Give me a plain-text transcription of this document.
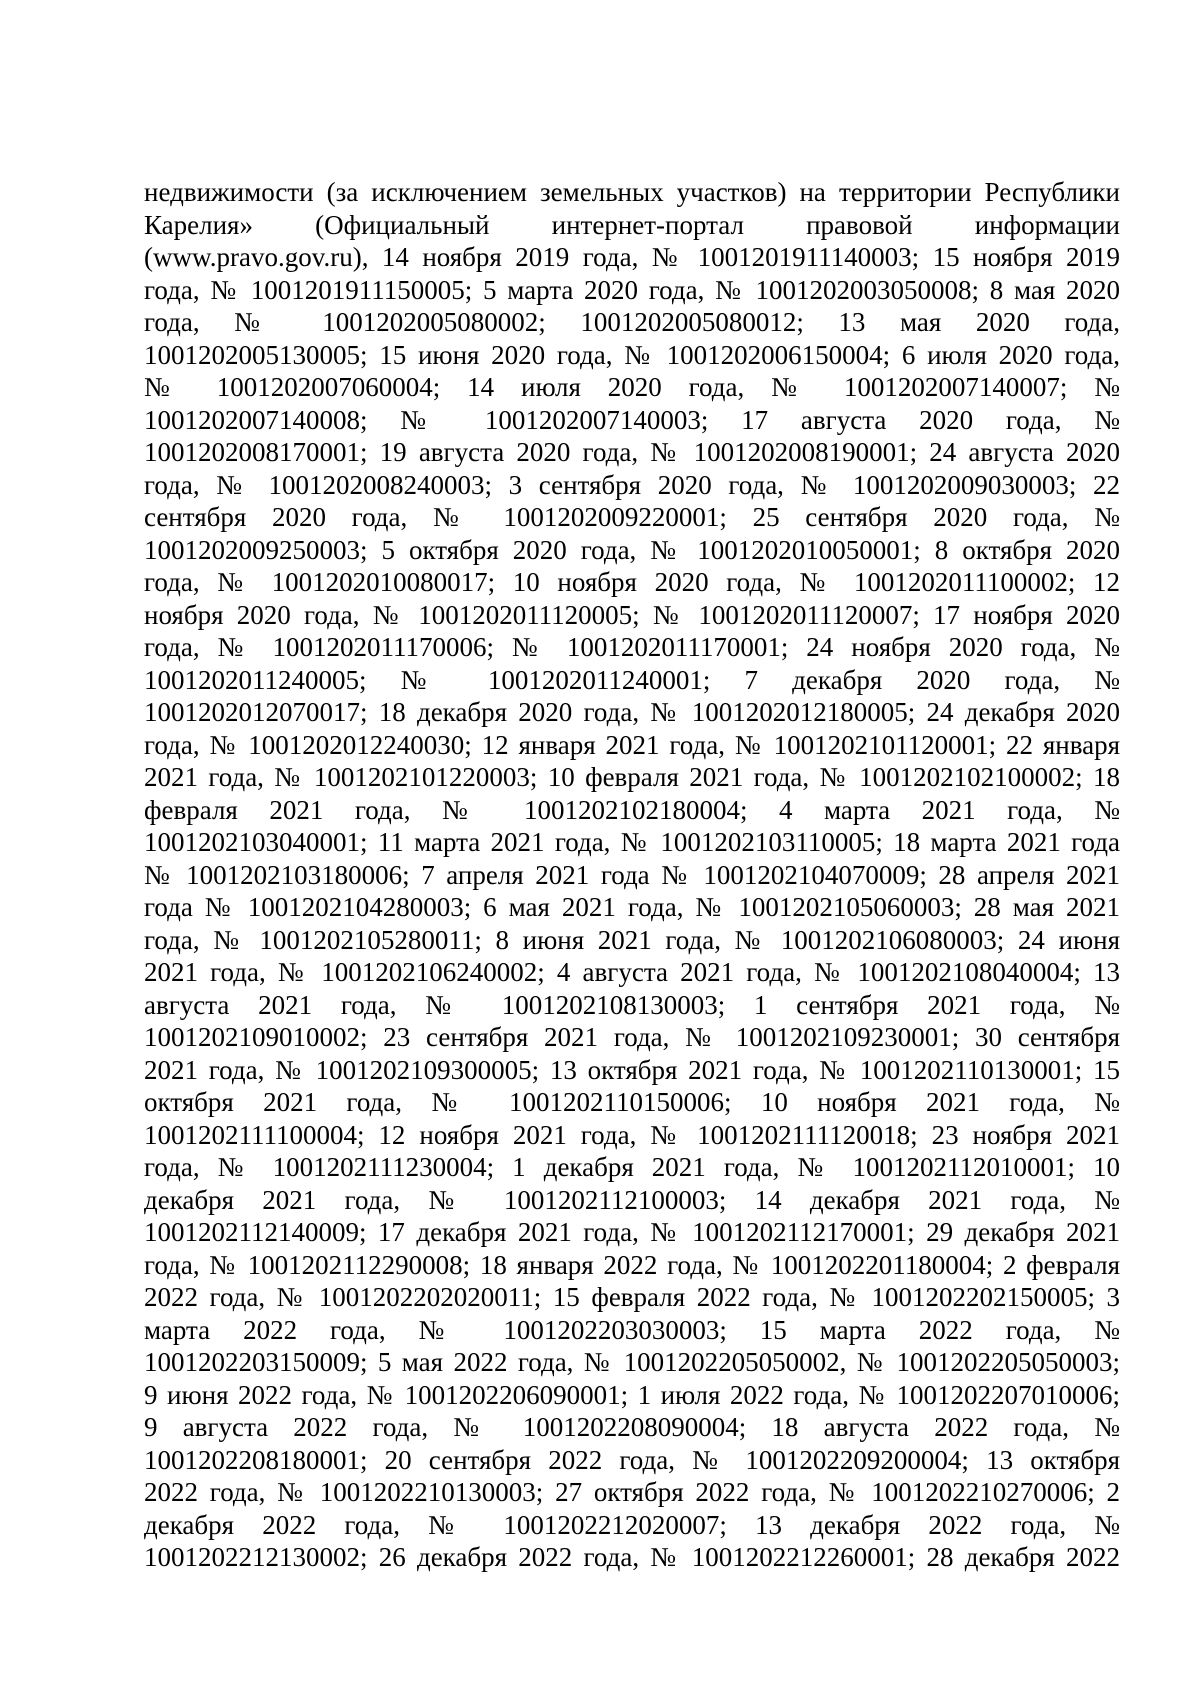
недвижимости (за исключением земельных участков) на территории Республики
Карелия» (Официальный интернет-портал правовой информации
(www.pravo.gov.ru), 14 ноября 2019 года, № 1001201911140003; 15 ноября 2019
года, № 1001201911150005; 5 марта 2020 года, № 1001202003050008; 8 мая 2020
года, № 1001202005080002; 1001202005080012; 13 мая 2020 года,
1001202005130005; 15 июня 2020 года, № 1001202006150004; 6 июля 2020 года,
№ 1001202007060004; 14 июля 2020 года, № 1001202007140007; №
1001202007140008; № 1001202007140003; 17 августа 2020 года, №
1001202008170001; 19 августа 2020 года, № 1001202008190001; 24 августа 2020
года, № 1001202008240003; 3 сентября 2020 года, № 1001202009030003; 22
сентября 2020 года, № 1001202009220001; 25 сентября 2020 года, №
1001202009250003; 5 октября 2020 года, № 1001202010050001; 8 октября 2020
года, № 1001202010080017; 10 ноября 2020 года, № 1001202011100002; 12
ноября 2020 года, № 1001202011120005; № 1001202011120007; 17 ноября 2020
года, № 1001202011170006; № 1001202011170001; 24 ноября 2020 года, №
1001202011240005; № 1001202011240001; 7 декабря 2020 года, №
1001202012070017; 18 декабря 2020 года, № 1001202012180005; 24 декабря 2020
года, № 1001202012240030; 12 января 2021 года, № 1001202101120001; 22 января
2021 года, № 1001202101220003; 10 февраля 2021 года, № 1001202102100002; 18
февраля 2021 года, № 1001202102180004; 4 марта 2021 года, №
1001202103040001; 11 марта 2021 года, № 1001202103110005; 18 марта 2021 года
№ 1001202103180006; 7 апреля 2021 года № 1001202104070009; 28 апреля 2021
года № 1001202104280003; 6 мая 2021 года, № 1001202105060003; 28 мая 2021
года, № 1001202105280011; 8 июня 2021 года, № 1001202106080003; 24 июня
2021 года, № 1001202106240002; 4 августа 2021 года, № 1001202108040004; 13
августа 2021 года, № 1001202108130003; 1 сентября 2021 года, №
1001202109010002; 23 сентября 2021 года, № 1001202109230001; 30 сентября
2021 года, № 1001202109300005; 13 октября 2021 года, № 1001202110130001; 15
октября 2021 года, № 1001202110150006; 10 ноября 2021 года, №
1001202111100004; 12 ноября 2021 года, № 1001202111120018; 23 ноября 2021
года, № 1001202111230004; 1 декабря 2021 года, № 1001202112010001; 10
декабря 2021 года, № 1001202112100003; 14 декабря 2021 года, №
1001202112140009; 17 декабря 2021 года, № 1001202112170001; 29 декабря 2021
года, № 1001202112290008; 18 января 2022 года, № 1001202201180004; 2 февраля
2022 года, № 1001202202020011; 15 февраля 2022 года, № 1001202202150005; 3
марта 2022 года, № 1001202203030003; 15 марта 2022 года, №
1001202203150009; 5 мая 2022 года, № 1001202205050002, № 1001202205050003;
9 июня 2022 года, № 1001202206090001; 1 июля 2022 года, № 1001202207010006;
9 августа 2022 года, № 1001202208090004; 18 августа 2022 года, №
1001202208180001; 20 сентября 2022 года, № 1001202209200004; 13 октября
2022 года, № 1001202210130003; 27 октября 2022 года, № 1001202210270006; 2
декабря 2022 года, № 1001202212020007; 13 декабря 2022 года, №
1001202212130002; 26 декабря 2022 года, № 1001202212260001; 28 декабря 2022
